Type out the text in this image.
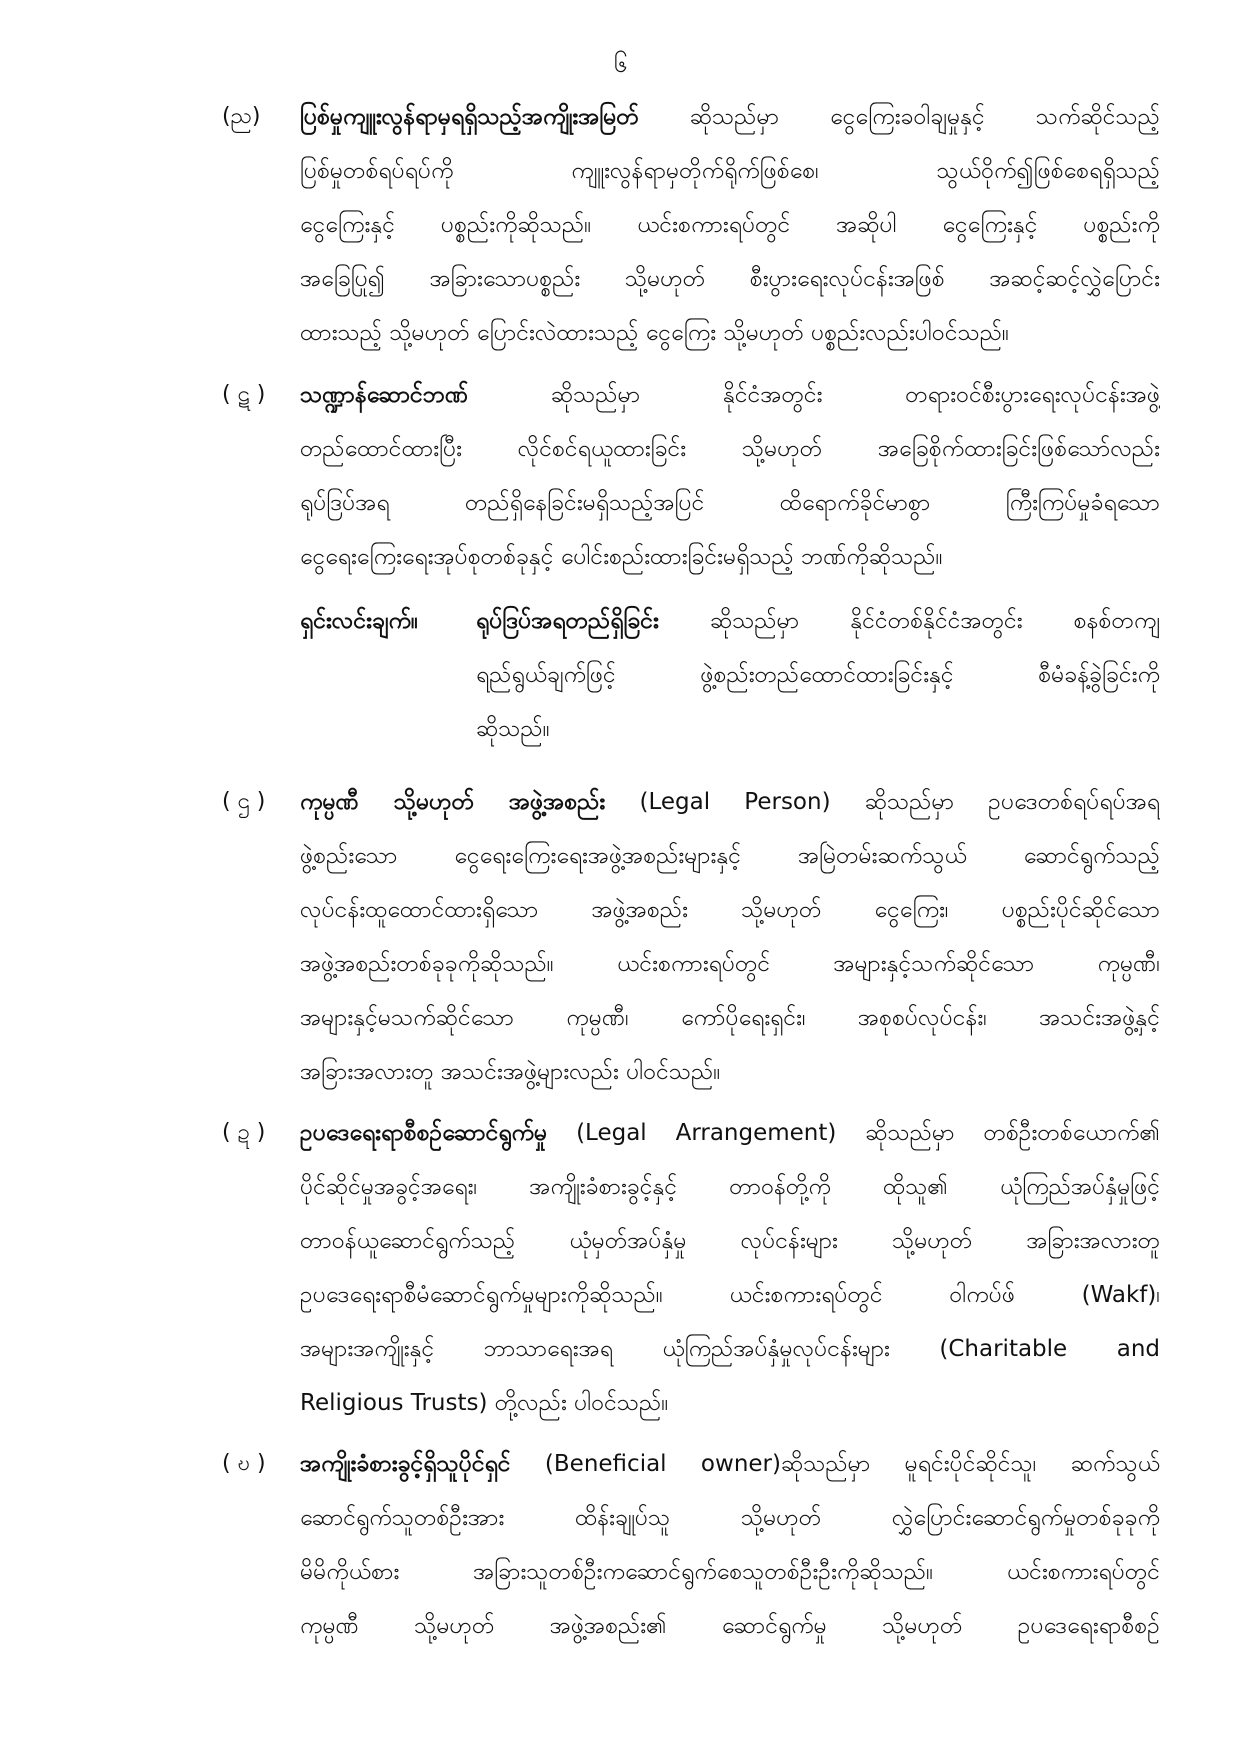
၆
(ည) ပြစ်မှုကျူးလွန်ရာမှရရှိသည့်အကျိုးအမြတ် ဆိုသည်မှာ ငွေကြေးခဝါချမှုနှင့် သက်ဆိုင်သည့်
ပြစ်မှုတစ်ရပ်ရပ်ကို ကျူးလွန်ရာမှတိုက်ရိုက်ဖြစ်စေ၊ သွယ်ဝိုက်၍ဖြစ်စေရရှိသည့်
ငွေကြေးနှင့် ပစ္စည်းကိုဆိုသည်။ ယင်းစကားရပ်တွင် အဆိုပါ ငွေကြေးနှင့် ပစ္စည်းကို
အခြေပြု၍ အခြားသောပစ္စည်း သို့မဟုတ် စီးပွားရေးလုပ်ငန်းအဖြစ် အဆင့်ဆင့်လွှဲပြောင်း
ထားသည့် သို့မဟုတ် ပြောင်းလဲထားသည့် ငွေကြေး သို့မဟုတ် ပစ္စည်းလည်းပါဝင်သည်။
( ဋ ) သဏ္ဍာန်ဆောင်ဘဏ် ဆိုသည်မှာ နိုင်ငံအတွင်း တရားဝင်စီးပွားရေးလုပ်ငန်းအဖွဲ့
တည်ထောင်ထားပြီး လိုင်စင်ရယူထားခြင်း သို့မဟုတ် အခြေစိုက်ထားခြင်းဖြစ်သော်လည်း
ရုပ်ဒြပ်အရ တည်ရှိနေခြင်းမရှိသည့်အပြင် ထိရောက်ခိုင်မာစွာ ကြီးကြပ်မှုခံရသော
ငွေရေးကြေးရေးအုပ်စုတစ်ခုနှင့် ပေါင်းစည်းထားခြင်းမရှိသည့် ဘဏ်ကိုဆိုသည်။
ရှင်းလင်းချက်။	ရုပ်ဒြပ်အရတည်ရှိခြင်း ဆိုသည်မှာ နိုင်ငံတစ်နိုင်ငံအတွင်း စနစ်တကျ
ရည်ရွယ်ချက်ဖြင့် ဖွဲ့စည်းတည်ထောင်ထားခြင်းနှင့် စီမံခန့်ခွဲခြင်းကို
ဆိုသည်။
( ဌ ) ကုမ္ပဏီ သို့မဟုတ် အဖွဲ့အစည်း (Legal Person) ဆိုသည်မှာ ဥပဒေတစ်ရပ်ရပ်အရ
ဖွဲ့စည်းသော ငွေရေးကြေးရေးအဖွဲ့အစည်းများနှင့် အမြဲတမ်းဆက်သွယ် ဆောင်ရွက်သည့်
လုပ်ငန်းထူထောင်ထားရှိသော အဖွဲ့အစည်း သို့မဟုတ် ငွေကြေး၊ ပစ္စည်းပိုင်ဆိုင်သော
အဖွဲ့အစည်းတစ်ခုခုကိုဆိုသည်။ ယင်းစကားရပ်တွင် အများနှင့်သက်ဆိုင်သော ကုမ္ပဏီ၊
အများနှင့်မသက်ဆိုင်သော ကုမ္ပဏီ၊ ကော်ပိုရေးရှင်း၊ အစုစပ်လုပ်ငန်း၊ အသင်းအဖွဲ့နှင့်
အခြားအလားတူ အသင်းအဖွဲ့များလည်း ပါဝင်သည်။
( ဍ ) ဥပဒေရေးရာစီစဉ်ဆောင်ရွက်မှု (Legal Arrangement) ဆိုသည်မှာ တစ်ဦးတစ်ယောက်၏
ပိုင်ဆိုင်မှုအခွင့်အရေး၊ အကျိုးခံစားခွင့်နှင့် တာဝန်တို့ကို ထိုသူ၏ ယုံကြည်အပ်နှံမှုဖြင့်
တာဝန်ယူဆောင်ရွက်သည့် ယုံမှတ်အပ်နှံမှု လုပ်ငန်းများ သို့မဟုတ် အခြားအလားတူ
ဥပဒေရေးရာစီမံဆောင်ရွက်မှုများကိုဆိုသည်။ ယင်းစကားရပ်တွင် ဝါကပ်ဖ် (Wakf)၊
အများအကျိုးနှင့် ဘာသာရေးအရ ယုံကြည်အပ်နှံမှုလုပ်ငန်းများ (Charitable and
Religious Trusts) တို့လည်း ပါဝင်သည်။
( ဎ ) အကျိုးခံစားခွင့်ရှိသူပိုင်ရှင် (Beneficial owner)ဆိုသည်မှာ မူရင်းပိုင်ဆိုင်သူ၊ ဆက်သွယ်
ဆောင်ရွက်သူတစ်ဦးအား ထိန်းချုပ်သူ သို့မဟုတ် လွှဲပြောင်းဆောင်ရွက်မှုတစ်ခုခုကို
မိမိကိုယ်စား အခြားသူတစ်ဦးကဆောင်ရွက်စေသူတစ်ဦးဦးကိုဆိုသည်။ ယင်းစကားရပ်တွင်
ကုမ္ပဏီ သို့မဟုတ် အဖွဲ့အစည်း၏ ဆောင်ရွက်မှု သို့မဟုတ် ဥပဒေရေးရာစီစဉ်
